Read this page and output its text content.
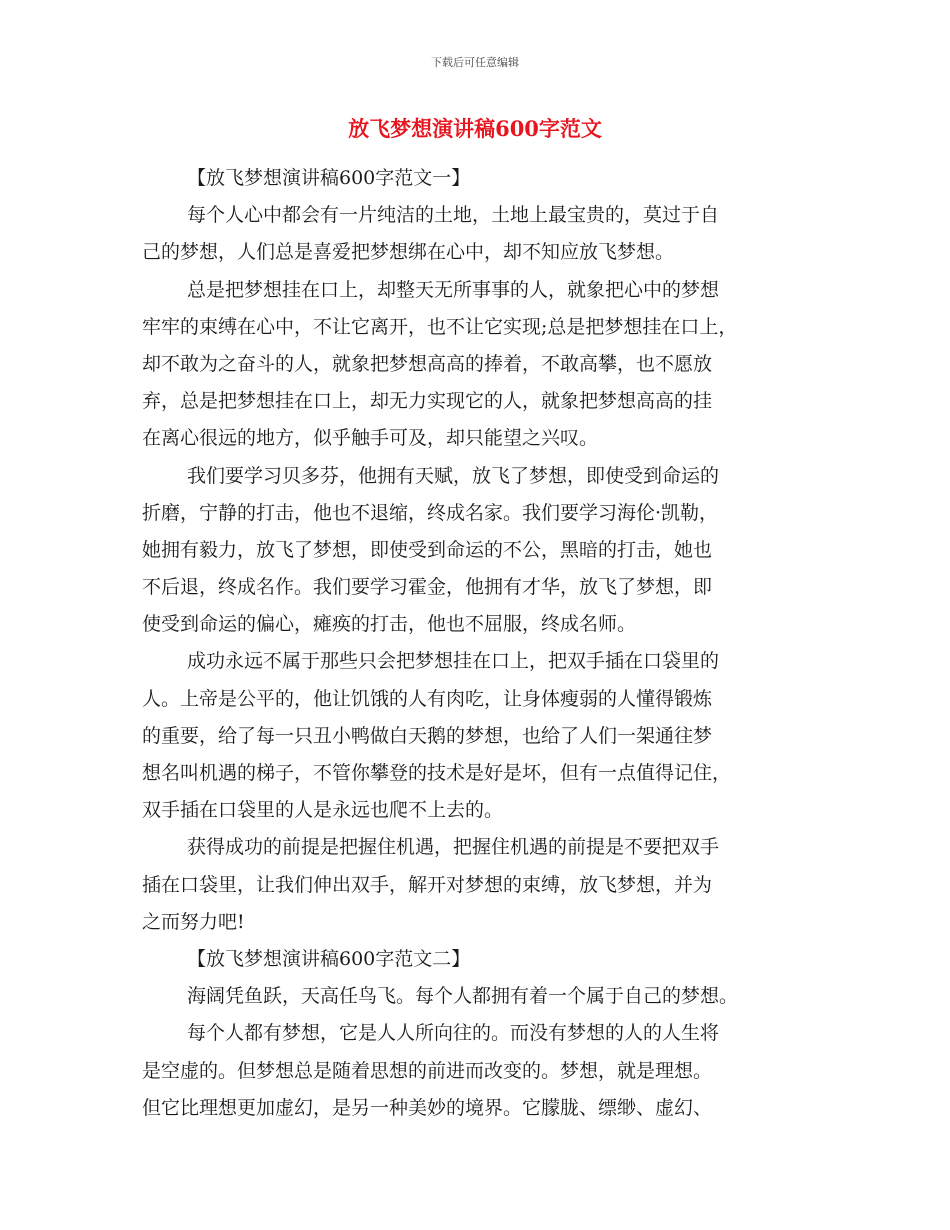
下载后可任意编辑
放飞梦想演讲稿600字范文
【放飞梦想演讲稿600字范文一】
每个人心中都会有一片纯洁的土地，土地上最宝贵的，莫过于自
己的梦想，人们总是喜爱把梦想绑在心中，却不知应放飞梦想。
总是把梦想挂在口上，却整天无所事事的人，就象把心中的梦想
牢牢的束缚在心中，不让它离开，也不让它实现;总是把梦想挂在口上，
却不敢为之奋斗的人，就象把梦想高高的捧着，不敢高攀，也不愿放
弃，总是把梦想挂在口上，却无力实现它的人，就象把梦想高高的挂
在离心很远的地方，似乎触手可及，却只能望之兴叹。
我们要学习贝多芬，他拥有天赋，放飞了梦想，即使受到命运的
折磨，宁静的打击，他也不退缩，终成名家。我们要学习海伦·凯勒，
她拥有毅力，放飞了梦想，即使受到命运的不公，黑暗的打击，她也
不后退，终成名作。我们要学习霍金，他拥有才华，放飞了梦想，即
使受到命运的偏心，瘫痪的打击，他也不屈服，终成名师。
成功永远不属于那些只会把梦想挂在口上，把双手插在口袋里的
人。上帝是公平的，他让饥饿的人有肉吃，让身体瘦弱的人懂得锻炼
的重要，给了每一只丑小鸭做白天鹅的梦想，也给了人们一架通往梦
想名叫机遇的梯子，不管你攀登的技术是好是坏，但有一点值得记住，
双手插在口袋里的人是永远也爬不上去的。
获得成功的前提是把握住机遇，把握住机遇的前提是不要把双手
插在口袋里，让我们伸出双手，解开对梦想的束缚，放飞梦想，并为
之而努力吧!
【放飞梦想演讲稿600字范文二】
海阔凭鱼跃，天高任鸟飞。每个人都拥有着一个属于自己的梦想。
每个人都有梦想，它是人人所向往的。而没有梦想的人的人生将
是空虚的。但梦想总是随着思想的前进而改变的。梦想，就是理想。
但它比理想更加虚幻，是另一种美妙的境界。它朦胧、缥缈、虚幻、
